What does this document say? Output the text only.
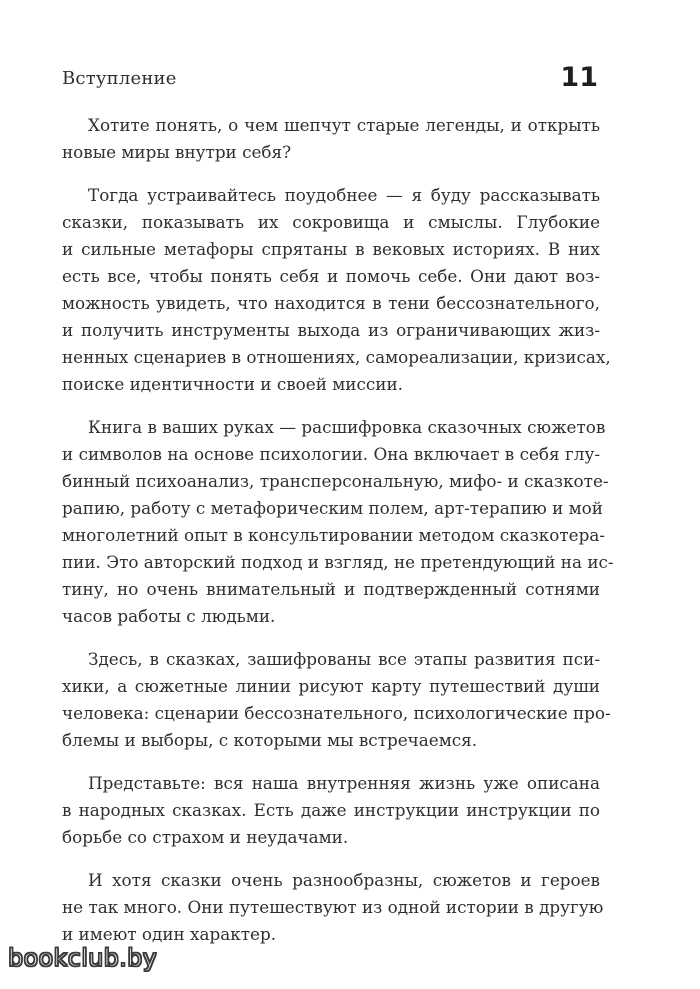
Вступление	11

Хотите понять, о чем шепчут старые легенды, и открыть
новые миры внутри себя?

Тогда устраивайтесь поудобнее — я буду рассказывать
сказки, показывать их сокровища и смыслы. Глубокие
и сильные метафоры спрятаны в вековых историях. В них
есть все, чтобы понять себя и помочь себе. Они дают воз-
можность увидеть, что находится в тени бессознательного,
и получить инструменты выхода из ограничивающих жиз-
ненных сценариев в отношениях, самореализации, кризисах,
поиске идентичности и своей миссии.

Книга в ваших руках — расшифровка сказочных сюжетов
и символов на основе психологии. Она включает в себя глу-
бинный психоанализ, трансперсональную, мифо- и сказкоте-
рапию, работу с метафорическим полем, арт-терапию и мой
многолетний опыт в консультировании методом сказкотера-
пии. Это авторский подход и взгляд, не претендующий на ис-
тину, но очень внимательный и подтвержденный сотнями
часов работы с людьми.

Здесь, в сказках, зашифрованы все этапы развития пси-
хики, а сюжетные линии рисуют карту путешествий души
человека: сценарии бессознательного, психологические про-
блемы и выборы, с которыми мы встречаемся.

Представьте: вся наша внутренняя жизнь уже описана
в народных сказках. Есть даже инструкции инструкции по
борьбе со страхом и неудачами.

И хотя сказки очень разнообразны, сюжетов и героев
не так много. Они путешествуют из одной истории в другую
и имеют один характер.

bookclub.by
